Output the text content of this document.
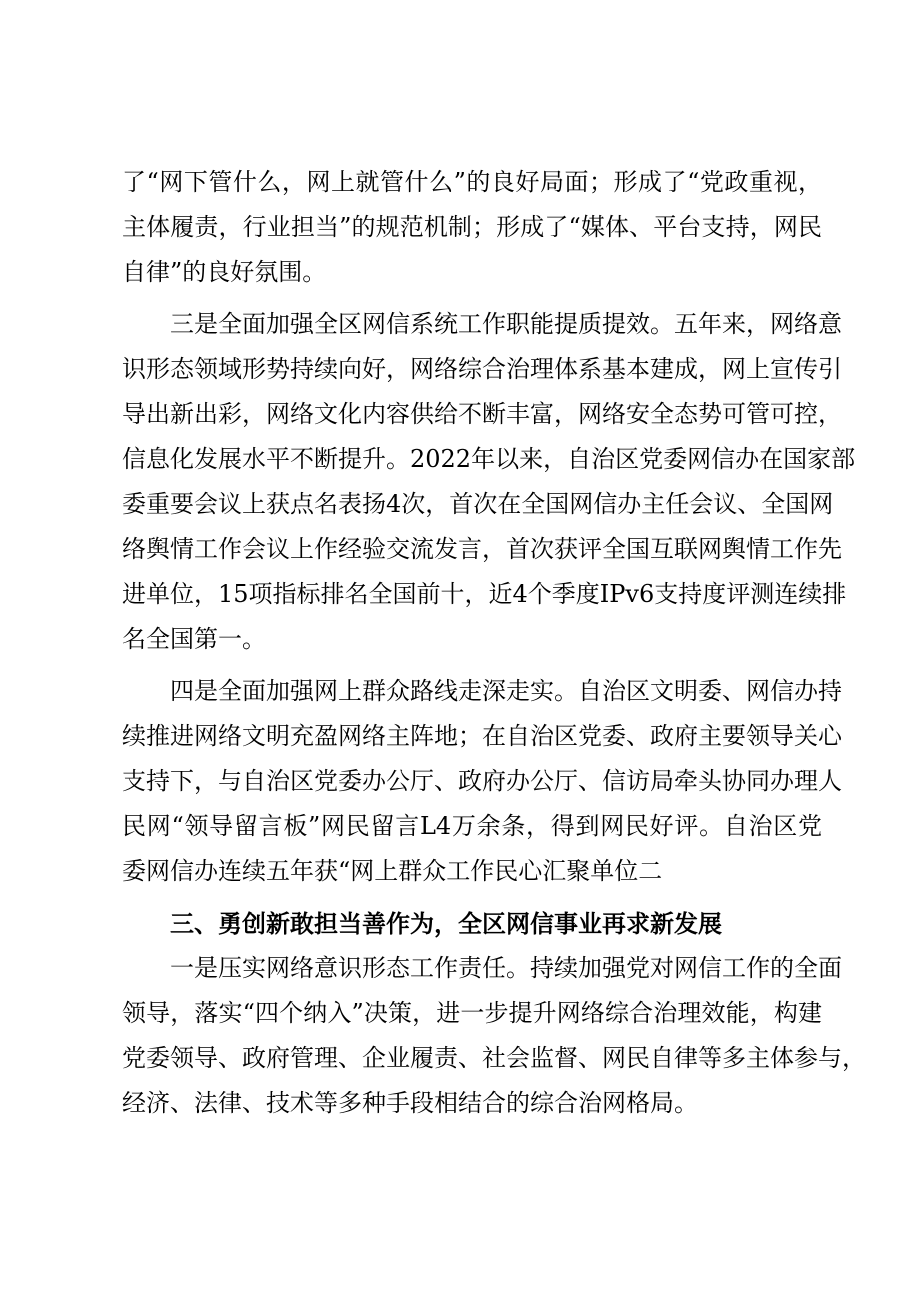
了“网下管什么，网上就管什么”的良好局面；形成了“党政重视，
主体履责，行业担当”的规范机制；形成了“媒体、平台支持，网民
自律”的良好氛围。
三是全面加强全区网信系统工作职能提质提效。五年来，网络意
识形态领域形势持续向好，网络综合治理体系基本建成，网上宣传引
导出新出彩，网络文化内容供给不断丰富，网络安全态势可管可控，
信息化发展水平不断提升。2022年以来，自治区党委网信办在国家部
委重要会议上获点名表扬4次，首次在全国网信办主任会议、全国网
络舆情工作会议上作经验交流发言，首次获评全国互联网舆情工作先
进单位，15项指标排名全国前十，近4个季度IPv6支持度评测连续排
名全国第一。
四是全面加强网上群众路线走深走实。自治区文明委、网信办持
续推进网络文明充盈网络主阵地；在自治区党委、政府主要领导关心
支持下，与自治区党委办公厅、政府办公厅、信访局牵头协同办理人
民网“领导留言板”网民留言L4万余条，得到网民好评。自治区党
委网信办连续五年获“网上群众工作民心汇聚单位二
三、勇创新敢担当善作为，全区网信事业再求新发展
一是压实网络意识形态工作责任。持续加强党对网信工作的全面
领导，落实“四个纳入”决策，进一步提升网络综合治理效能，构建
党委领导、政府管理、企业履责、社会监督、网民自律等多主体参与，
经济、法律、技术等多种手段相结合的综合治网格局。
